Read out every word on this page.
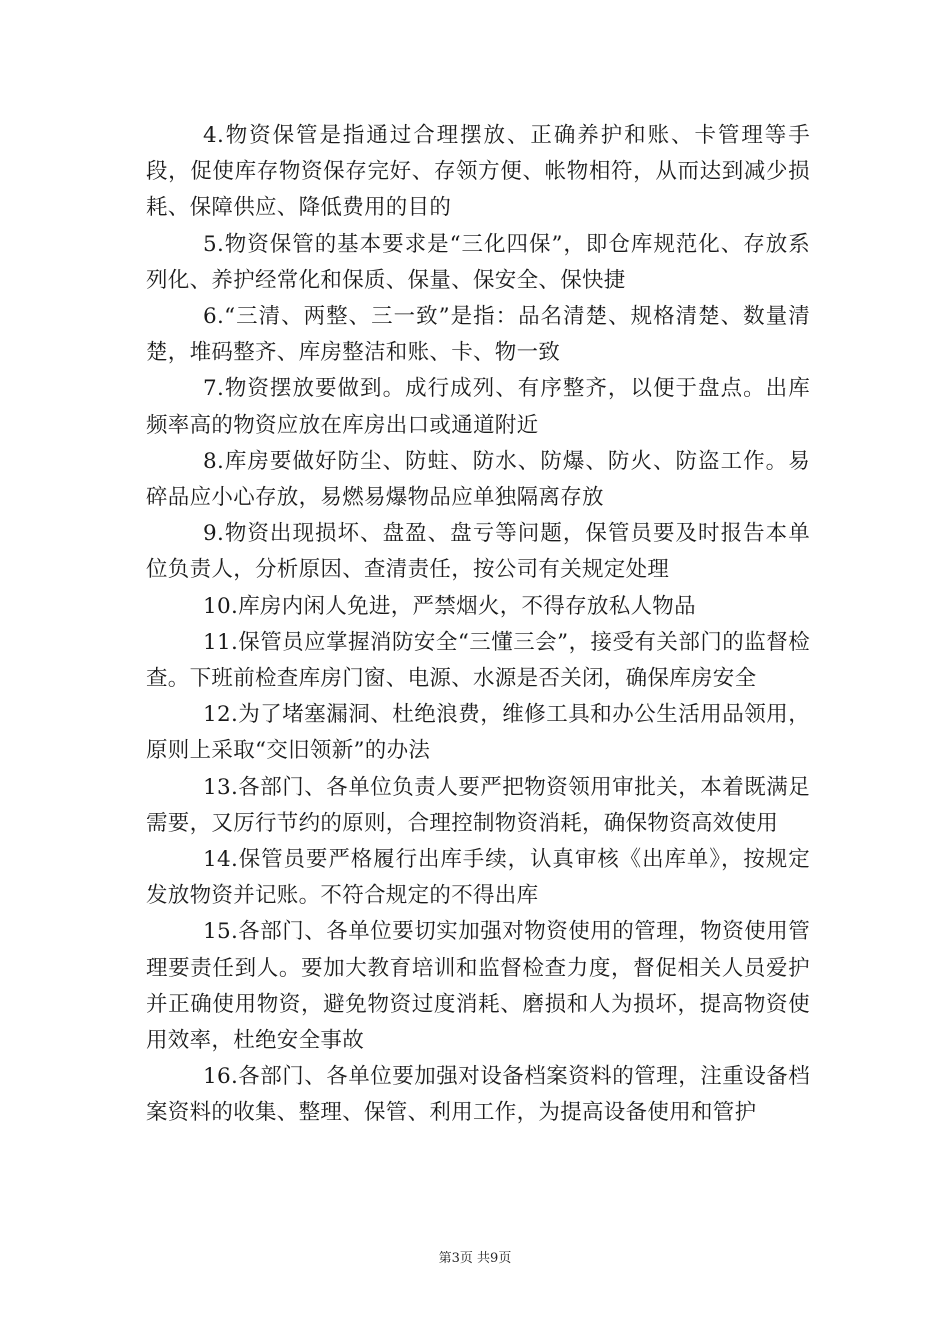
4.物资保管是指通过合理摆放、正确养护和账、卡管理等手段，促使库存物资保存完好、存领方便、帐物相符，从而达到减少损耗、保障供应、降低费用的目的

5.物资保管的基本要求是“三化四保”，即仓库规范化、存放系列化、养护经常化和保质、保量、保安全、保快捷

6.“三清、两整、三一致”是指：品名清楚、规格清楚、数量清楚，堆码整齐、库房整洁和账、卡、物一致

7.物资摆放要做到。成行成列、有序整齐，以便于盘点。出库频率高的物资应放在库房出口或通道附近

8.库房要做好防尘、防蛀、防水、防爆、防火、防盗工作。易碎品应小心存放，易燃易爆物品应单独隔离存放

9.物资出现损坏、盘盈、盘亏等问题，保管员要及时报告本单位负责人，分析原因、查清责任，按公司有关规定处理

10.库房内闲人免进，严禁烟火，不得存放私人物品

11.保管员应掌握消防安全“三懂三会”，接受有关部门的监督检查。下班前检查库房门窗、电源、水源是否关闭，确保库房安全

12.为了堵塞漏洞、杜绝浪费，维修工具和办公生活用品领用，原则上采取“交旧领新”的办法

13.各部门、各单位负责人要严把物资领用审批关，本着既满足需要，又厉行节约的原则，合理控制物资消耗，确保物资高效使用

14.保管员要严格履行出库手续，认真审核《出库单》，按规定发放物资并记账。不符合规定的不得出库

15.各部门、各单位要切实加强对物资使用的管理，物资使用管理要责任到人。要加大教育培训和监督检查力度，督促相关人员爱护并正确使用物资，避免物资过度消耗、磨损和人为损坏，提高物资使用效率，杜绝安全事故

16.各部门、各单位要加强对设备档案资料的管理，注重设备档案资料的收集、整理、保管、利用工作，为提高设备使用和管护

第3页 共9页
